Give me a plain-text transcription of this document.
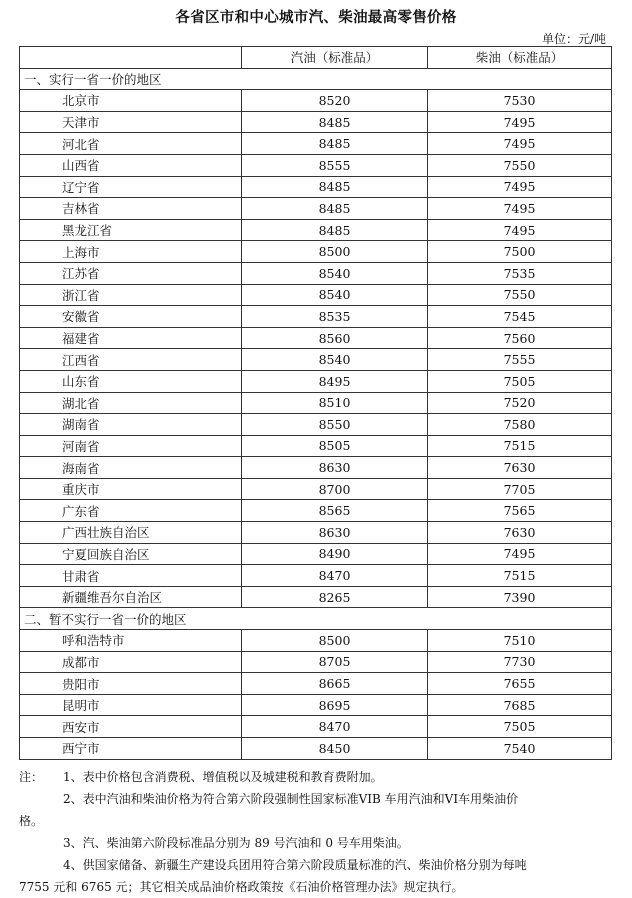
各省区市和中心城市汽、柴油最高零售价格
单位：元/吨
	汽油（标准品）	柴油（标准品）
一、实行一省一价的地区		
北京市	8520	7530
天津市	8485	7495
河北省	8485	7495
山西省	8555	7550
辽宁省	8485	7495
吉林省	8485	7495
黑龙江省	8485	7495
上海市	8500	7500
江苏省	8540	7535
浙江省	8540	7550
安徽省	8535	7545
福建省	8560	7560
江西省	8540	7555
山东省	8495	7505
湖北省	8510	7520
湖南省	8550	7580
河南省	8505	7515
海南省	8630	7630
重庆市	8700	7705
广东省	8565	7565
广西壮族自治区	8630	7630
宁夏回族自治区	8490	7495
甘肃省	8470	7515
新疆维吾尔自治区	8265	7390
二、暂不实行一省一价的地区		
呼和浩特市	8500	7510
成都市	8705	7730
贵阳市	8665	7655
昆明市	8695	7685
西安市	8470	7505
西宁市	8450	7540

注： 1、表中价格包含消费税、增值税以及城建税和教育费附加。

2、表中汽油和柴油价格为符合第六阶段强制性国家标准VIB 车用汽油和VI车用柴油价

格。

3、汽、柴油第六阶段标准品分别为 89 号汽油和 0 号车用柴油。

4、供国家储备、新疆生产建设兵团用符合第六阶段质量标准的汽、柴油价格分别为每吨

7755 元和 6765 元；其它相关成品油价格政策按《石油价格管理办法》规定执行。
